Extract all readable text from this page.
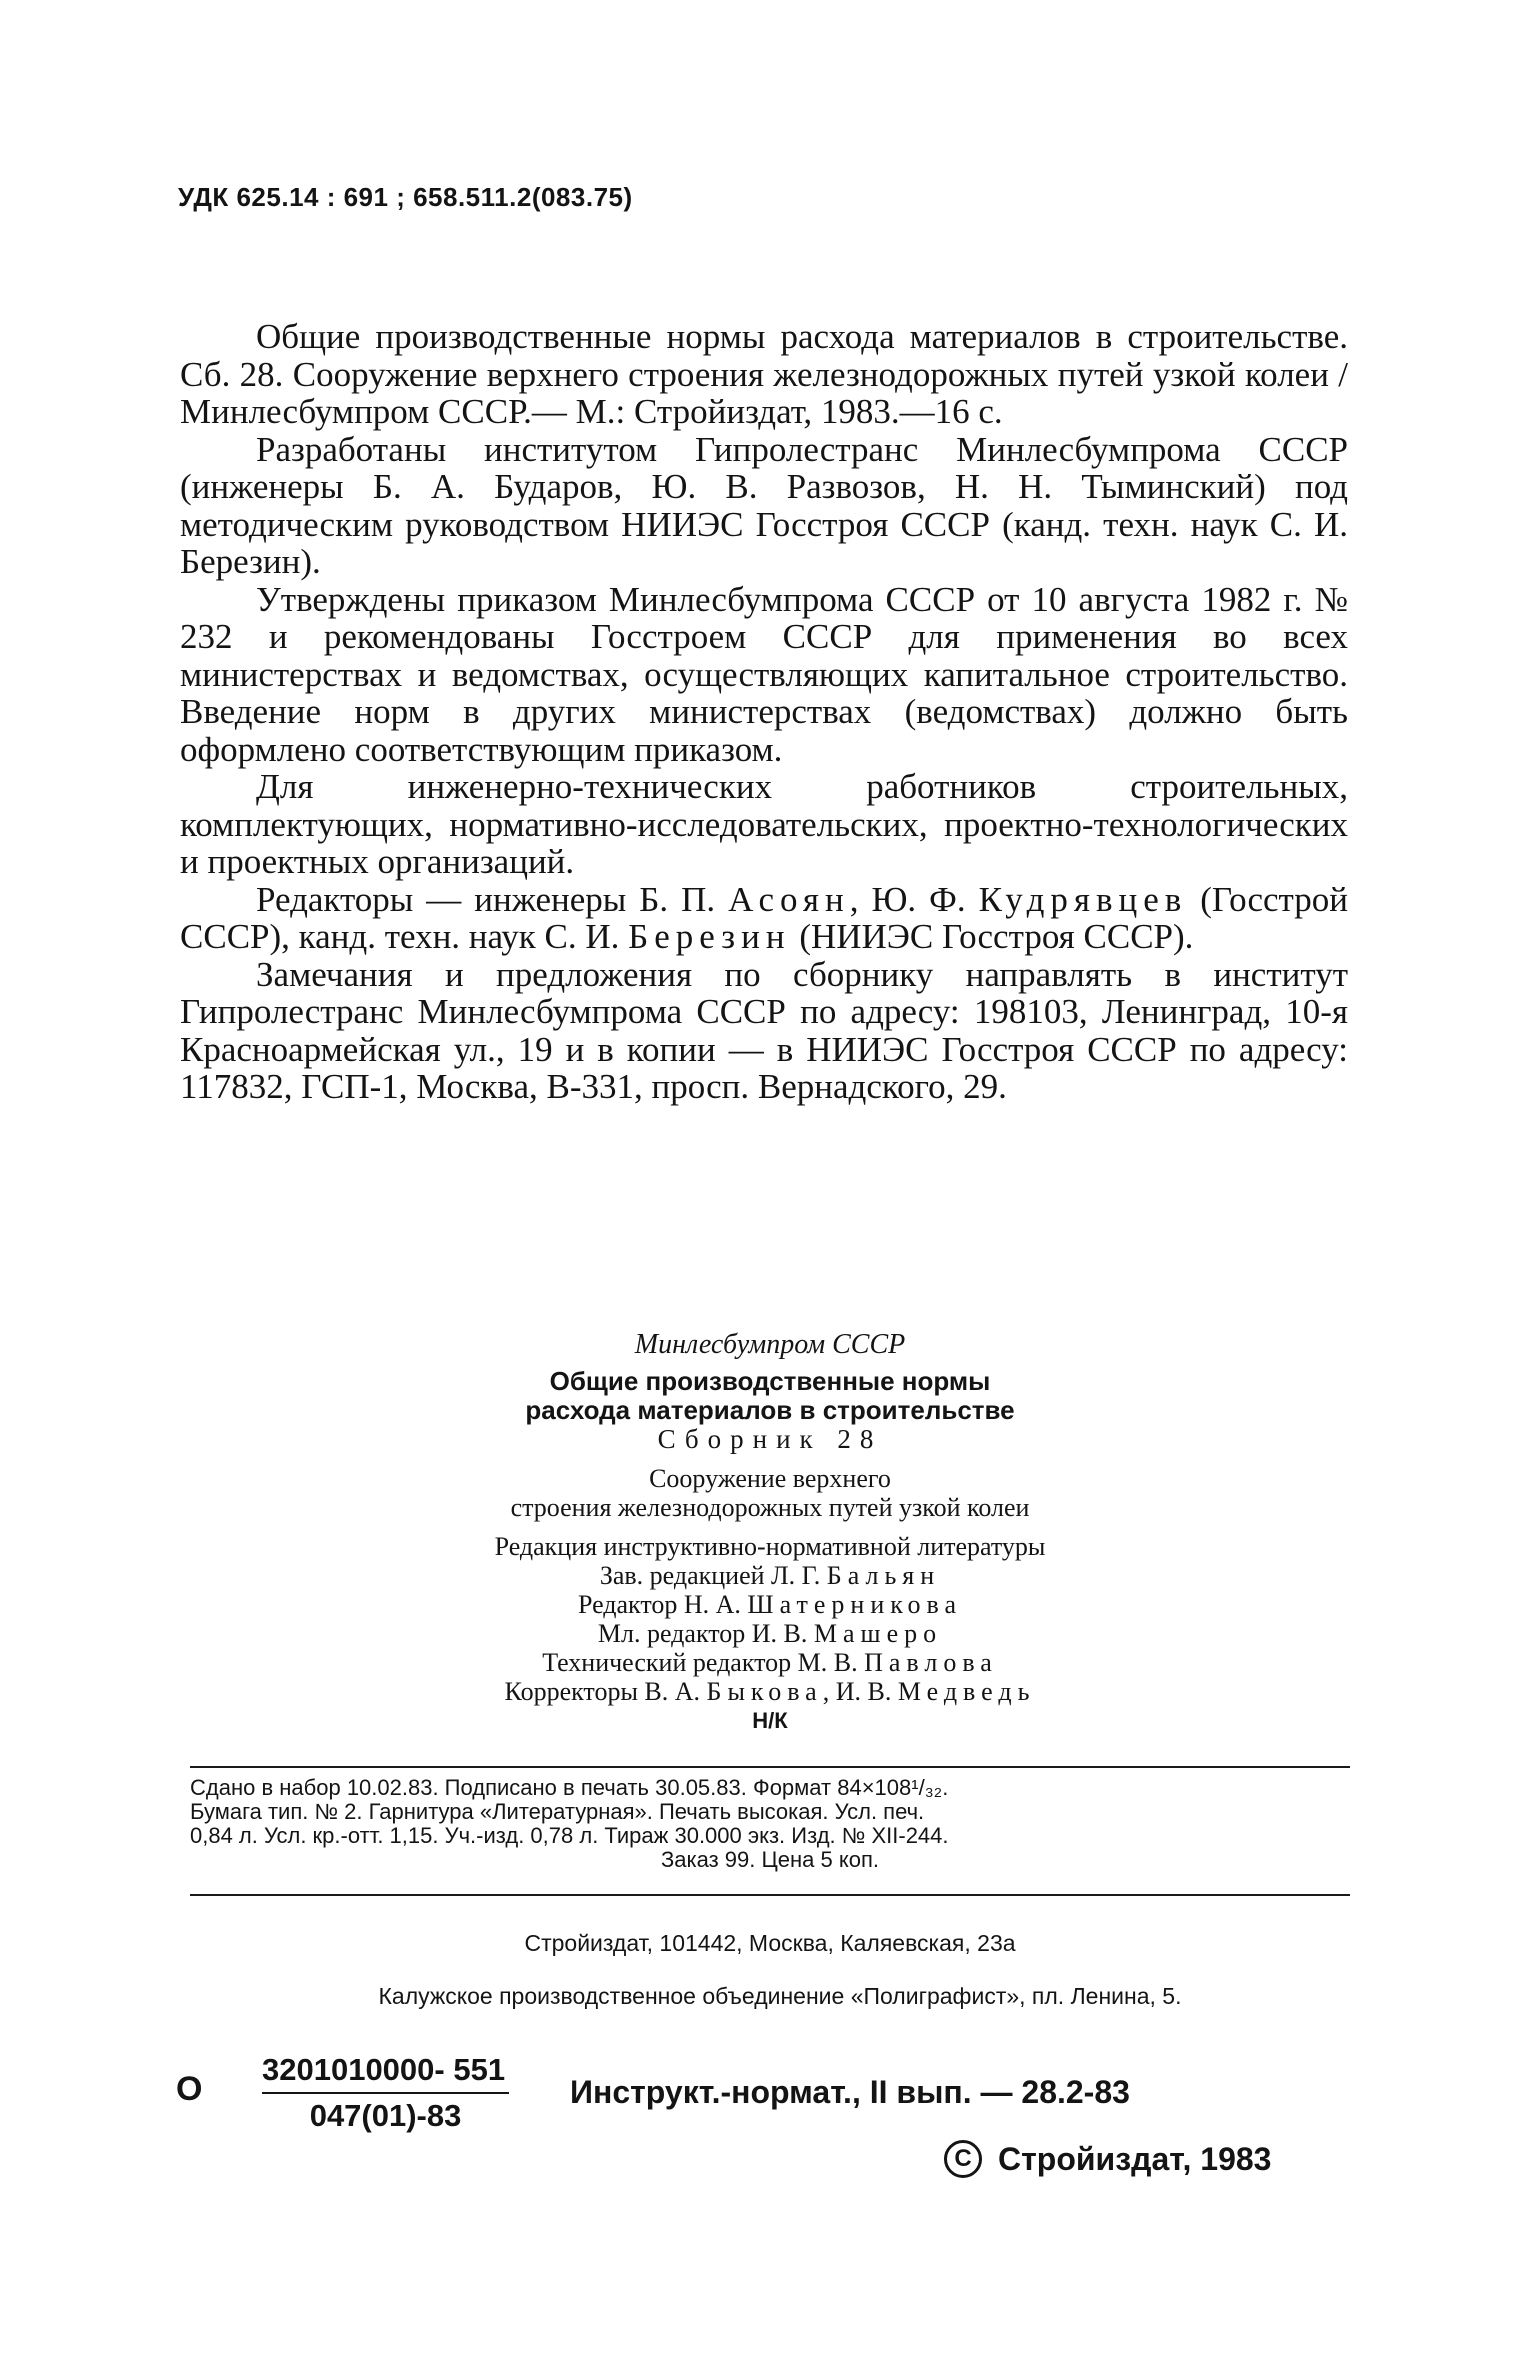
УДК 625.14 : 691 ; 658.511.2(083.75)

Общие производственные нормы расхода материалов в строительстве. Сб. 28. Сооружение верхнего строения железнодорожных путей узкой колеи / Минлесбумпром СССР.— М.: Стройиздат, 1983.—16 с.

Разработаны институтом Гипролестранс Минлесбумпрома СССР (инженеры Б. А. Бударов, Ю. В. Развозов, Н. Н. Тыминский) под методическим руководством НИИЭС Госстроя СССР (канд. техн. наук С. И. Березин).

Утверждены приказом Минлесбумпрома СССР от 10 августа 1982 г. № 232 и рекомендованы Госстроем СССР для применения во всех министерствах и ведомствах, осуществляющих капитальное строительство. Введение норм в других министерствах (ведомствах) должно быть оформлено соответствующим приказом.

Для инженерно-технических работников строительных, комплектующих, нормативно-исследовательских, проектно-технологических и проектных организаций.

Редакторы — инженеры Б. П. Асоян, Ю. Ф. Кудрявцев (Госстрой СССР), канд. техн. наук С. И. Березин (НИИЭС Госстроя СССР).

Замечания и предложения по сборнику направлять в институт Гипролестранс Минлесбумпрома СССР по адресу: 198103, Ленинград, 10-я Красноармейская ул., 19 и в копии — в НИИЭС Госстроя СССР по адресу: 117832, ГСП-1, Москва, В-331, просп. Вернадского, 29.

Минлесбумпром СССР
Общие производственные нормы
расхода материалов в строительстве
Сборник 28
Сооружение верхнего
строения железнодорожных путей узкой колеи
Редакция инструктивно-нормативной литературы
Зав. редакцией Л. Г. Бальян
Редактор Н. А. Шатерникова
Мл. редактор И. В. Машеро
Технический редактор М. В. Павлова
Корректоры В. А. Быкова, И. В. Медведь
Н/К
Сдано в набор 10.02.83. Подписано в печать 30.05.83. Формат 84×108¹/₃₂.
Бумага тип. № 2. Гарнитура «Литературная». Печать высокая. Усл. печ.
0,84 л. Усл. кр.-отт. 1,15. Уч.-изд. 0,78 л. Тираж 30.000 экз. Изд. № XII-244.
Заказ 99. Цена 5 коп.
Стройиздат, 101442, Москва, Каляевская, 23а
Калужское производственное объединение «Полиграфист», пл. Ленина, 5.
О $\frac{3201010000- 551}{047(01)-83}$ Инструкт.-нормат., II вып. — 28.2-83
C Стройиздат, 1983
